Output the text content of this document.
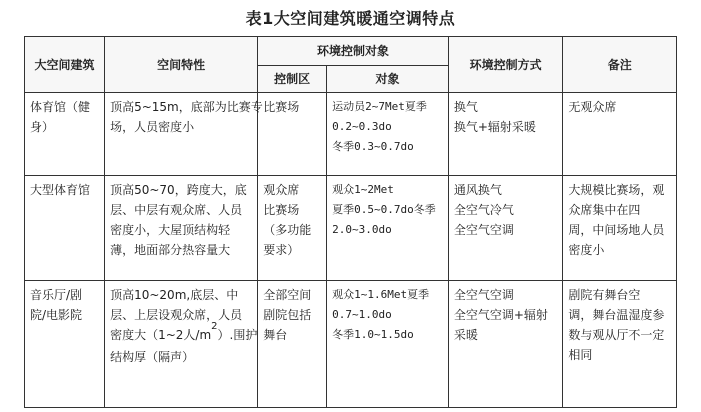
表1大空间建筑暖通空调特点
大空间建筑	空间特性	环境控制对象		环境控制方式	备注
		控制区	对象		

体育馆（健
身）	顶高5~15m，底部为比赛专
场，人员密度小	比赛场	运动员2~7Met夏季
0.2~0.3do
冬季0.3~0.7do	换气
换气+辐射采暖	无观众席

大型体育馆	顶高50~70，跨度大，底
层、中层有观众席、人员
密度小，大屋顶结构轻
薄，地面部分热容量大	观众席
比赛场
（多功能
要求）	观众1~2Met
夏季0.5~0.7do冬季
2.0~3.0do	通风换气
全空气冷气
全空气空调	大规模比赛场，观
众席集中在四
周，中间场地人员
密度小

音乐厅/剧
院/电影院	顶高10~20m,底层、中
层、上层设观众席，人员
密度大（1~2人$/m^2$）.围护
结构厚（隔声）	全部空间
剧院包括
舞台	观众1~1.6Met夏季
0.7~1.0do
冬季1.0~1.5do	全空气空调
全空气空调+辐射
采暖	剧院有舞台空
调，舞台温湿度参
数与观从厅不一定
相同
